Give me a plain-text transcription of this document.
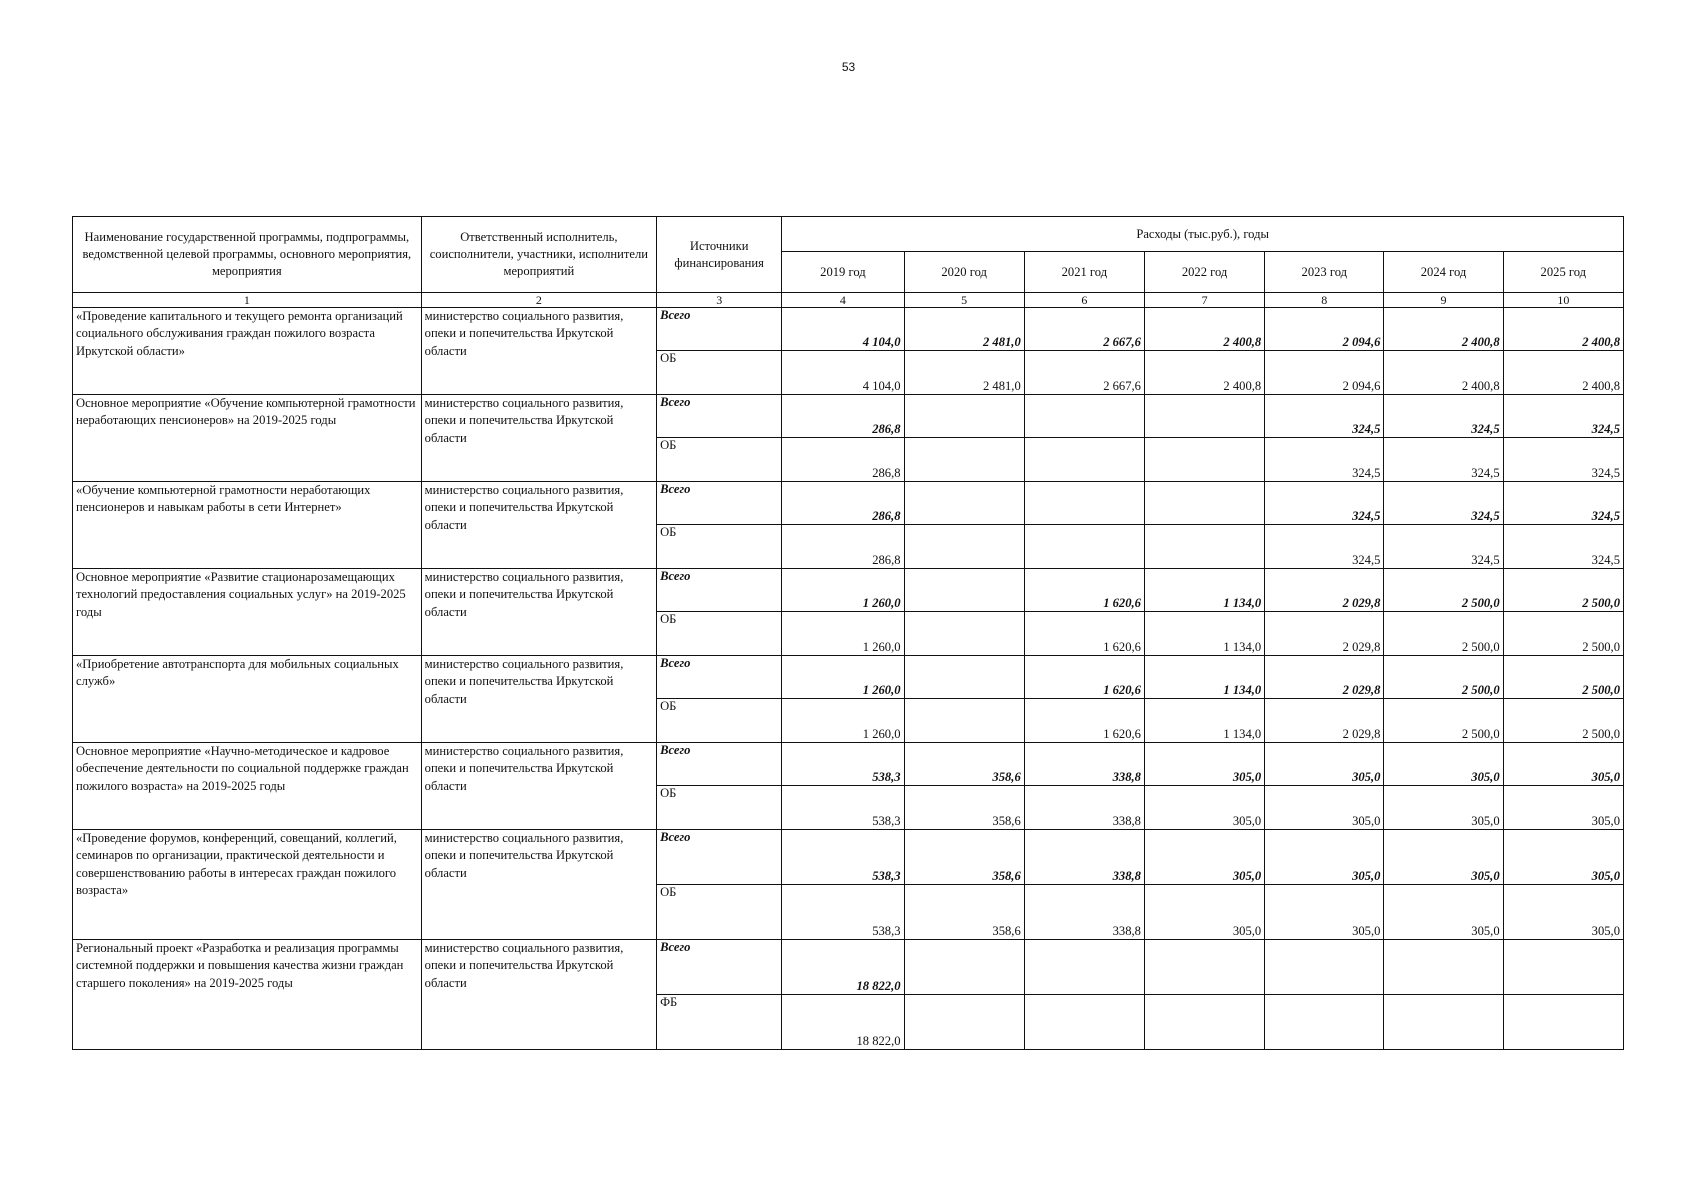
53
Наименование государственной программы, подпрограммы, ведомственной целевой программы, основного мероприятия, мероприятия	Ответственный исполнитель, соисполнители, участники, исполнители мероприятий	Источники финансирования	Расходы (тыс.руб.), годы						
			2019 год	2020 год	2021 год	2022 год	2023 год	2024 год	2025 год
1	2	3	4	5	6	7	8	9	10
«Проведение капитального и текущего ремонта организаций социального обслуживания граждан пожилого возраста Иркутской области»	министерство социального развития, опеки и попечительства Иркутской области	Всего	4 104,0	2 481,0	2 667,6	2 400,8	2 094,6	2 400,8	2 400,8
		ОБ	4 104,0	2 481,0	2 667,6	2 400,8	2 094,6	2 400,8	2 400,8
Основное мероприятие «Обучение компьютерной грамотности неработающих пенсионеров» на 2019-2025 годы	министерство социального развития, опеки и попечительства Иркутской области	Всего	286,8				324,5	324,5	324,5
		ОБ	286,8				324,5	324,5	324,5
«Обучение компьютерной грамотности неработающих пенсионеров и навыкам работы в сети Интернет»	министерство социального развития, опеки и попечительства Иркутской области	Всего	286,8				324,5	324,5	324,5
		ОБ	286,8				324,5	324,5	324,5
Основное мероприятие «Развитие стационарозамещающих технологий предоставления социальных услуг» на 2019-2025 годы	министерство социального развития, опеки и попечительства Иркутской области	Всего	1 260,0		1 620,6	1 134,0	2 029,8	2 500,0	2 500,0
		ОБ	1 260,0		1 620,6	1 134,0	2 029,8	2 500,0	2 500,0
«Приобретение автотранспорта для мобильных социальных служб»	министерство социального развития, опеки и попечительства Иркутской области	Всего	1 260,0		1 620,6	1 134,0	2 029,8	2 500,0	2 500,0
		ОБ	1 260,0		1 620,6	1 134,0	2 029,8	2 500,0	2 500,0
Основное мероприятие «Научно-методическое и кадровое обеспечение деятельности по социальной поддержке граждан пожилого возраста» на 2019-2025 годы	министерство социального развития, опеки и попечительства Иркутской области	Всего	538,3	358,6	338,8	305,0	305,0	305,0	305,0
		ОБ	538,3	358,6	338,8	305,0	305,0	305,0	305,0
«Проведение форумов, конференций, совещаний, коллегий, семинаров по организации, практической деятельности и совершенствованию работы в интересах граждан пожилого возраста»	министерство социального развития, опеки и попечительства Иркутской области	Всего	538,3	358,6	338,8	305,0	305,0	305,0	305,0
		ОБ	538,3	358,6	338,8	305,0	305,0	305,0	305,0
Региональный проект «Разработка и реализация программы системной поддержки и повышения качества жизни граждан старшего поколения» на 2019-2025 годы	министерство социального развития, опеки и попечительства Иркутской области	Всего	18 822,0						
		ФБ	18 822,0						
